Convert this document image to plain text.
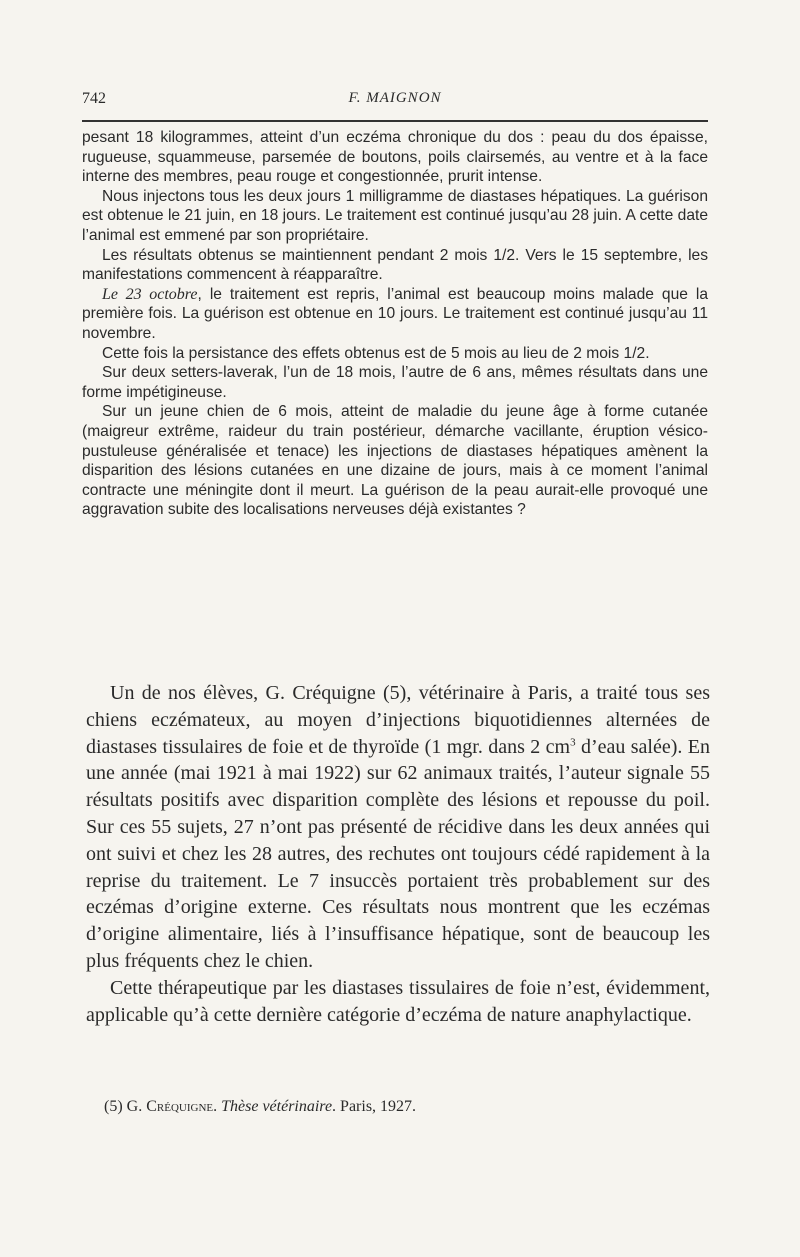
742	F. MAIGNON

pesant 18 kilogrammes, atteint d’un eczéma chronique du dos : peau du dos épaisse, rugueuse, squammeuse, parsemée de boutons, poils clairsemés, au ventre et à la face interne des membres, peau rouge et congestionnée, prurit intense.

Nous injectons tous les deux jours 1 milligramme de diastases hépatiques. La guérison est obtenue le 21 juin, en 18 jours. Le traitement est continué jusqu’au 28 juin. A cette date l’animal est emmené par son propriétaire.

Les résultats obtenus se maintiennent pendant 2 mois 1/2. Vers le 15 septembre, les manifestations commencent à réapparaître.

Le 23 octobre, le traitement est repris, l’animal est beaucoup moins malade que la première fois. La guérison est obtenue en 10 jours. Le traitement est continué jusqu’au 11 novembre.

Cette fois la persistance des effets obtenus est de 5 mois au lieu de 2 mois 1/2.

Sur deux setters-laverak, l’un de 18 mois, l’autre de 6 ans, mêmes résultats dans une forme impétigineuse.

Sur un jeune chien de 6 mois, atteint de maladie du jeune âge à forme cutanée (maigreur extrême, raideur du train postérieur, démarche vacillante, éruption vésico-pustuleuse généralisée et tenace) les injections de diastases hépatiques amènent la disparition des lésions cutanées en une dizaine de jours, mais à ce moment l’animal contracte une méningite dont il meurt. La guérison de la peau aurait-elle provoqué une aggravation subite des localisations nerveuses déjà existantes ?

Un de nos élèves, G. Créquigne (5), vétérinaire à Paris, a traité tous ses chiens eczémateux, au moyen d’injections biquotidiennes alternées de diastases tissulaires de foie et de thyroïde (1 mgr. dans 2 $cm^3$ d’eau salée). En une année (mai 1921 à mai 1922) sur 62 animaux traités, l’auteur signale 55 résultats positifs avec disparition complète des lésions et repousse du poil. Sur ces 55 sujets, 27 n’ont pas présenté de récidive dans les deux années qui ont suivi et chez les 28 autres, des rechutes ont toujours cédé rapidement à la reprise du traitement. Le 7 insuccès portaient très probablement sur des eczémas d’origine externe. Ces résultats nous montrent que les eczémas d’origine alimentaire, liés à l’insuffisance hépatique, sont de beaucoup les plus fréquents chez le chien.

Cette thérapeutique par les diastases tissulaires de foie n’est, évidemment, applicable qu’à cette dernière catégorie d’eczéma de nature anaphylactique.

(5) G. Créquigne. Thèse vétérinaire. Paris, 1927.
